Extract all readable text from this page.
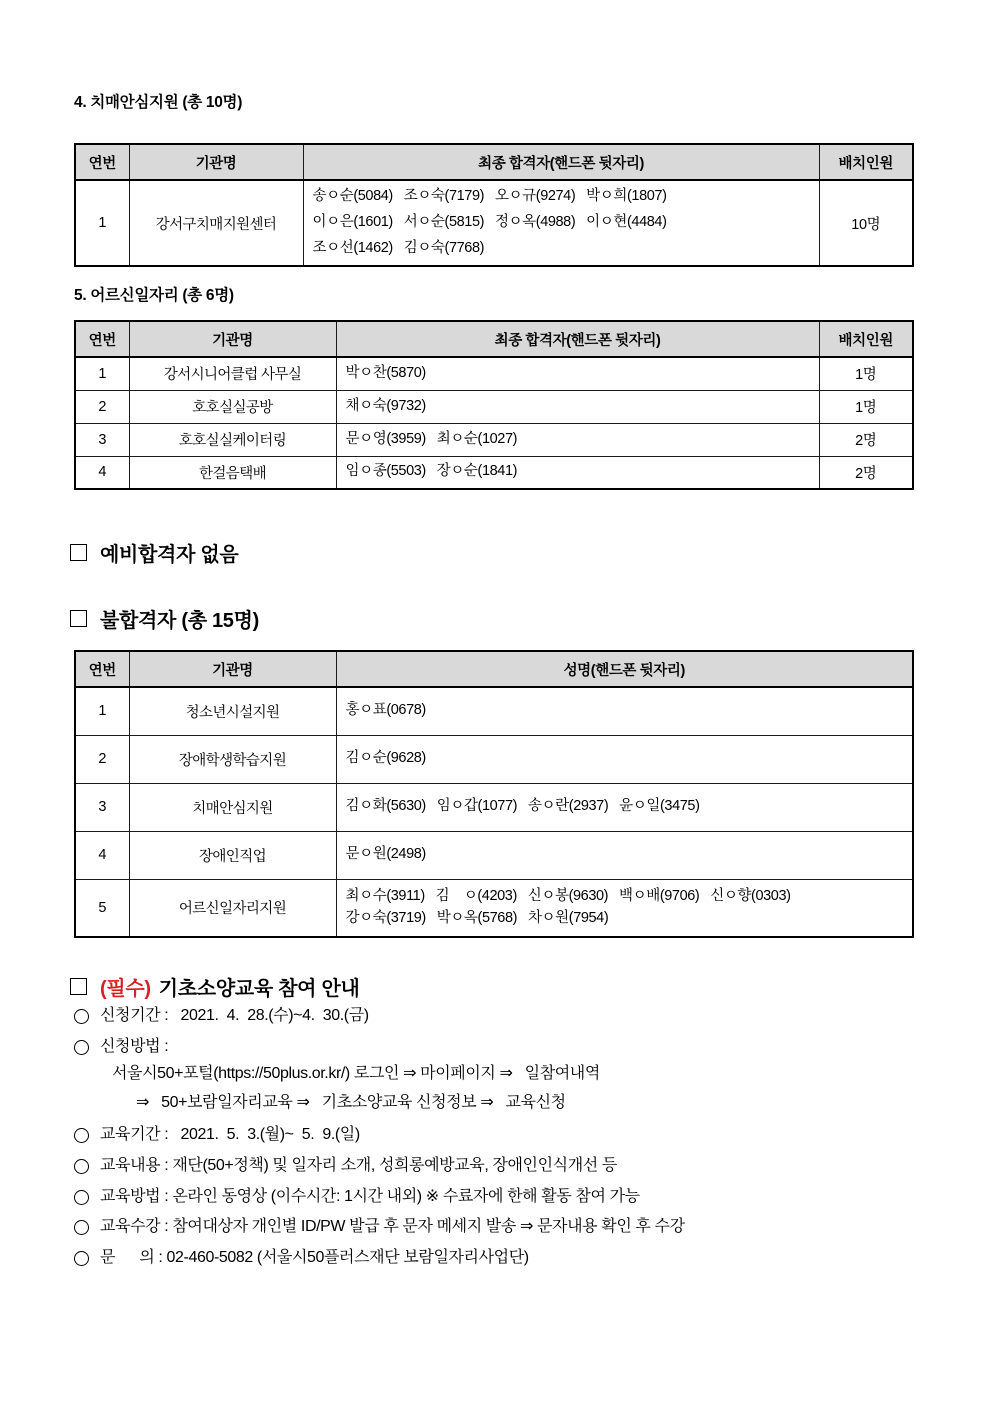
4. 치매안심지원 (총 10명)
연번	기관명	최종 합격자(핸드폰 뒷자리)	배치인원
1	강서구치매지원센터	송ㅇ순(5084)   조ㅇ숙(7179)   오ㅇ규(9274)   박ㅇ희(1807)
이ㅇ은(1601)   서ㅇ순(5815)   정ㅇ옥(4988)   이ㅇ현(4484)
조ㅇ선(1462)   김ㅇ숙(7768)	10명
5. 어르신일자리 (총 6명)
연번	기관명	최종 합격자(핸드폰 뒷자리)	배치인원
1	강서시니어클럽 사무실	박ㅇ찬(5870)	1명
2	호호실실공방	채ㅇ숙(9732)	1명
3	호호실실케이터링	문ㅇ영(3959)   최ㅇ순(1027)	2명
4	한걸음택배	임ㅇ종(5503)   장ㅇ순(1841)	2명
예비합격자 없음
불합격자 (총 15명)
연번	기관명	성명(핸드폰 뒷자리)
1	청소년시설지원	홍ㅇ표(0678)
2	장애학생학습지원	김ㅇ순(9628)
3	치매안심지원	김ㅇ화(5630)   임ㅇ갑(1077)   송ㅇ란(2937)   윤ㅇ일(3475)
4	장애인직업	문ㅇ원(2498)
5	어르신일자리지원	최ㅇ수(3911)   김    ㅇ(4203)   신ㅇ봉(9630)   백ㅇ배(9706)   신ㅇ향(0303)
강ㅇ숙(3719)   박ㅇ옥(5768)   차ㅇ원(7954)
(필수) 기초소양교육 참여 안내
신청기간 :   2021.  4.  28.(수)~4.  30.(금)
신청방법 :
서울시50+포털(https://50plus.or.kr/) 로그인 ⇒ 마이페이지 ⇒   일참여내역
⇒   50+보람일자리교육 ⇒   기초소양교육 신청정보 ⇒   교육신청
교육기간 :   2021.  5.  3.(월)~  5.  9.(일)
교육내용 : 재단(50+정책) 및 일자리 소개, 성희롱예방교육, 장애인인식개선 등
교육방법 : 온라인 동영상 (이수시간: 1시간 내외) ※ 수료자에 한해 활동 참여 가능
교육수강 : 참여대상자 개인별 ID/PW 발급 후 문자 메세지 발송 ⇒ 문자내용 확인 후 수강
문      의 : 02-460-5082 (서울시50플러스재단 보람일자리사업단)
